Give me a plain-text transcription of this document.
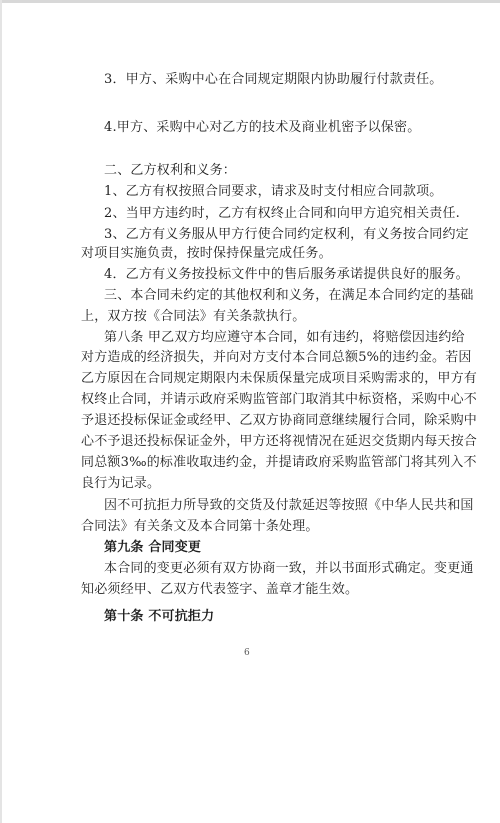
3．甲方、采购中心在合同规定期限内协助履行付款责任。
4.甲方、采购中心对乙方的技术及商业机密予以保密。
二、乙方权利和义务：
1、乙方有权按照合同要求，请求及时支付相应合同款项。
2、当甲方违约时，乙方有权终止合同和向甲方追究相关责任.
3、乙方有义务服从甲方行使合同约定权利，有义务按合同约定
对项目实施负责，按时保持保量完成任务。
4．乙方有义务按投标文件中的售后服务承诺提供良好的服务。
三、本合同未约定的其他权利和义务，在满足本合同约定的基础
上，双方按《合同法》有关条款执行。
第八条 甲乙双方均应遵守本合同，如有违约，将赔偿因违约给
对方造成的经济损失，并向对方支付本合同总额5%的违约金。若因
乙方原因在合同规定期限内未保质保量完成项目采购需求的，甲方有
权终止合同，并请示政府采购监管部门取消其中标资格，采购中心不
予退还投标保证金或经甲、乙双方协商同意继续履行合同，除采购中
心不予退还投标保证金外，甲方还将视情况在延迟交货期内每天按合
同总额3‰的标准收取违约金，并提请政府采购监管部门将其列入不
良行为记录。
因不可抗拒力所导致的交货及付款延迟等按照《中华人民共和国
合同法》有关条文及本合同第十条处理。
第九条 合同变更
本合同的变更必须有双方协商一致，并以书面形式确定。变更通
知必须经甲、乙双方代表签字、盖章才能生效。
第十条 不可抗拒力
6
